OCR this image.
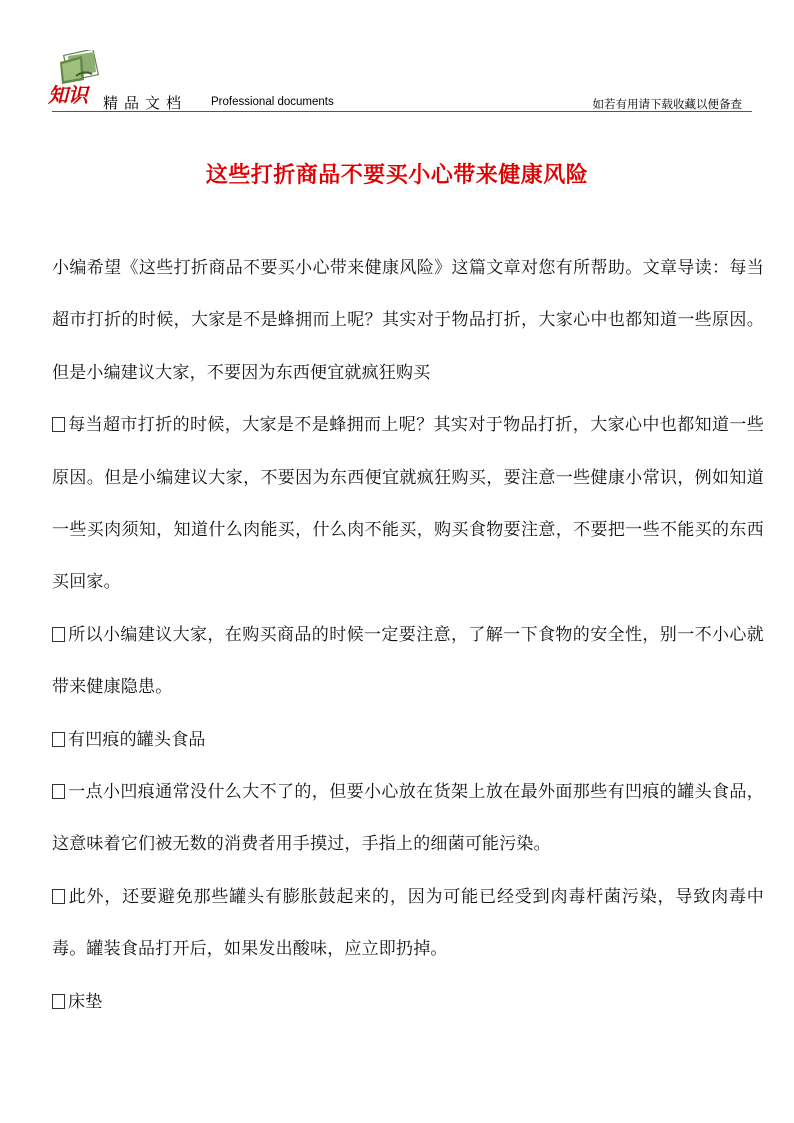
知识 精品文档 Professional documents	如若有用请下载收藏以便备查
这些打折商品不要买小心带来健康风险

小编希望《这些打折商品不要买小心带来健康风险》这篇文章对您有所帮助。文章导读：每当超市打折的时候，大家是不是蜂拥而上呢？其实对于物品打折，大家心中也都知道一些原因。但是小编建议大家，不要因为东西便宜就疯狂购买

每当超市打折的时候，大家是不是蜂拥而上呢？其实对于物品打折，大家心中也都知道一些原因。但是小编建议大家，不要因为东西便宜就疯狂购买，要注意一些健康小常识，例如知道一些买肉须知，知道什么肉能买，什么肉不能买，购买食物要注意，不要把一些不能买的东西买回家。

所以小编建议大家，在购买商品的时候一定要注意，了解一下食物的安全性，别一不小心就带来健康隐患。

有凹痕的罐头食品

一点小凹痕通常没什么大不了的，但要小心放在货架上放在最外面那些有凹痕的罐头食品，这意味着它们被无数的消费者用手摸过，手指上的细菌可能污染。

此外，还要避免那些罐头有膨胀鼓起来的，因为可能已经受到肉毒杆菌污染，导致肉毒中毒。罐装食品打开后，如果发出酸味，应立即扔掉。

床垫
